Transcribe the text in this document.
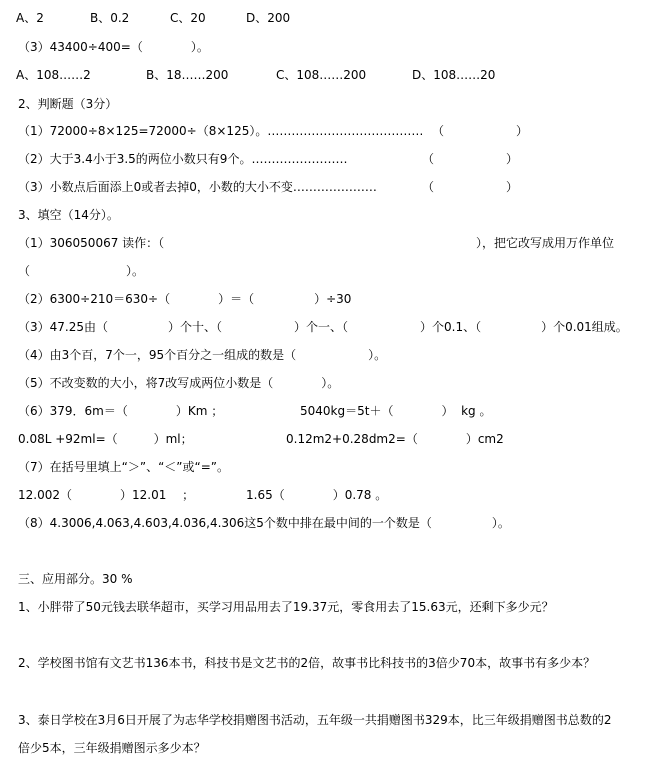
A、2	B、0.2	C、20	D、200
（3）43400÷400=（　　　　）。
A、108……2	B、18……200	C、108……200	D、108……20
2、判断题（3分）
（1）72000÷8×125=72000÷（8×125）。………………………………… （　　　　　　）
（2）大于3.4小于3.5的两位小数只有9个。……………………	（　　　　　　）
（3）小数点后面添上0或者去掉0，小数的大小不变…………………	（　　　　　　）
3、填空（14分）。
（1）306050067 读作：（	），把它改写成用万作单位
（　　　　　　　　）。
（2）6300÷210＝630÷（　　　　）＝（　　　　　）÷30
（3）47.25由（　　　　　）个十、（　　　　　　）个一、（　　　　　　）个0.1、（　　　　　）个0.01组成。
（4）由3个百，7个一，95个百分之一组成的数是（　　　　　　）。
（5）不改变数的大小，将7改写成两位小数是（　　　　）。
（6）379．6m＝（　　　　）Km ；	5040kg＝5t＋（　　　　）  kg 。
0.08L +92ml=（　　　）ml；	0.12m2+0.28dm2=（　　　　）cm2
（7）在括号里填上“＞”、“＜”或“=”。
12.002（　　　　）12.01　 ；	1.65（　　　　）0.78 。
（8）4.3006,4.063,4.603,4.036,4.306这5个数中排在最中间的一个数是（　　　　　）。
三、应用部分。30 %
1、小胖带了50元钱去联华超市，买学习用品用去了19.37元，零食用去了15.63元，还剩下多少元？
2、学校图书馆有文艺书136本书，科技书是文艺书的2倍，故事书比科技书的3倍少70本，故事书有多少本？
3、泰日学校在3月6日开展了为志华学校捐赠图书活动，五年级一共捐赠图书329本，比三年级捐赠图书总数的2
倍少5本，三年级捐赠图示多少本？
